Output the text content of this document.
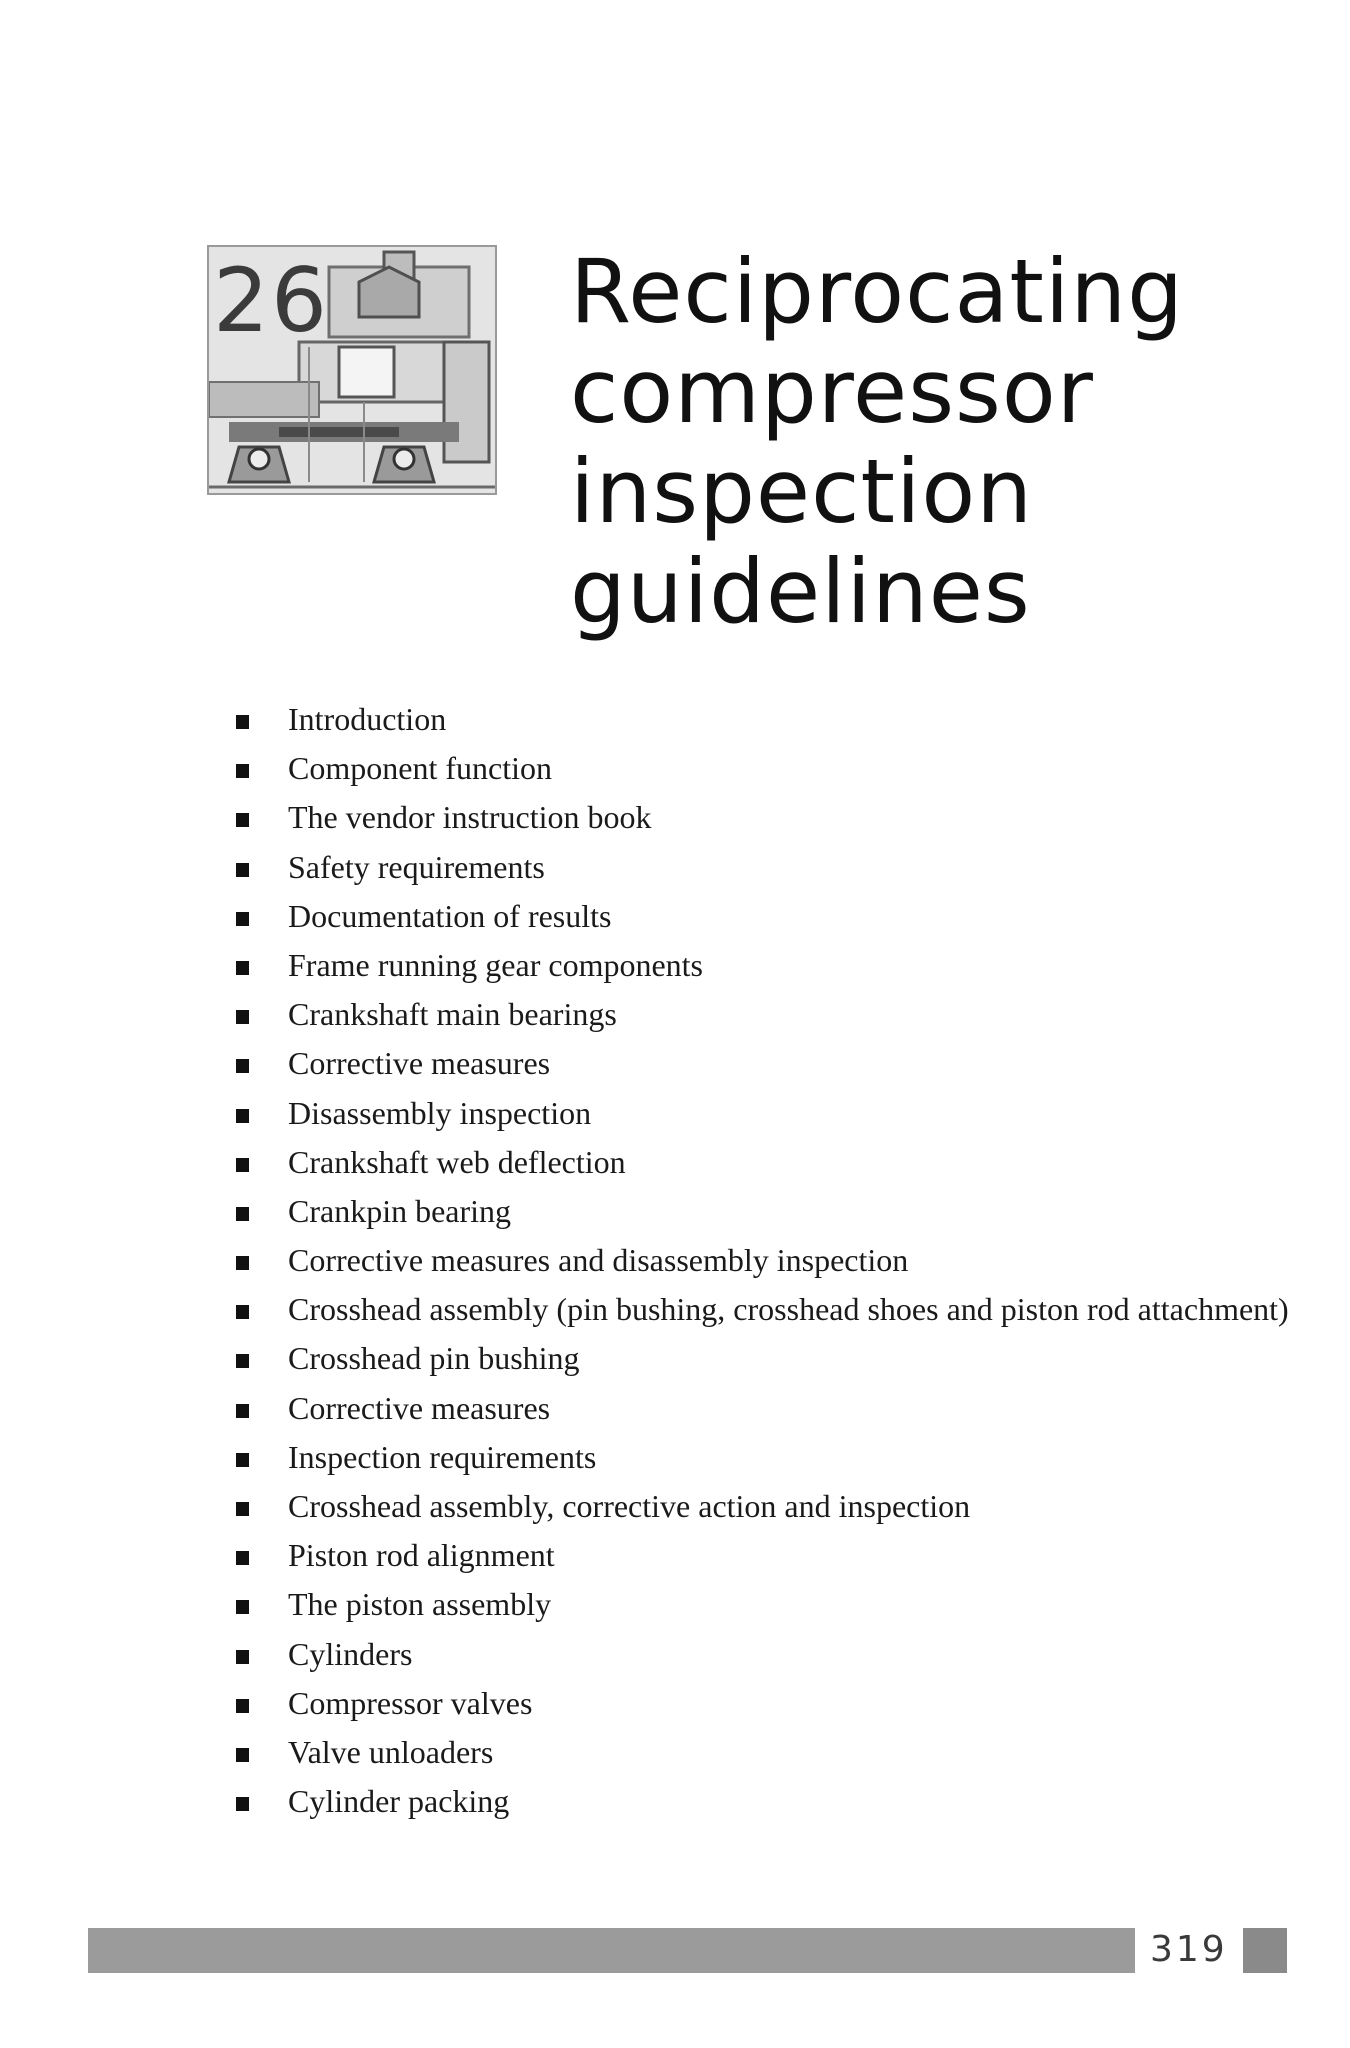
26	Reciprocating
compressor
inspection
guidelines
Introduction
Component function
The vendor instruction book
Safety requirements
Documentation of results
Frame running gear components
Crankshaft main bearings
Corrective measures
Disassembly inspection
Crankshaft web deflection
Crankpin bearing
Corrective measures and disassembly inspection
Crosshead assembly (pin bushing, crosshead shoes and piston rod attachment)
Crosshead pin bushing
Corrective measures
Inspection requirements
Crosshead assembly, corrective action and inspection
Piston rod alignment
The piston assembly
Cylinders
Compressor valves
Valve unloaders
Cylinder packing
319
